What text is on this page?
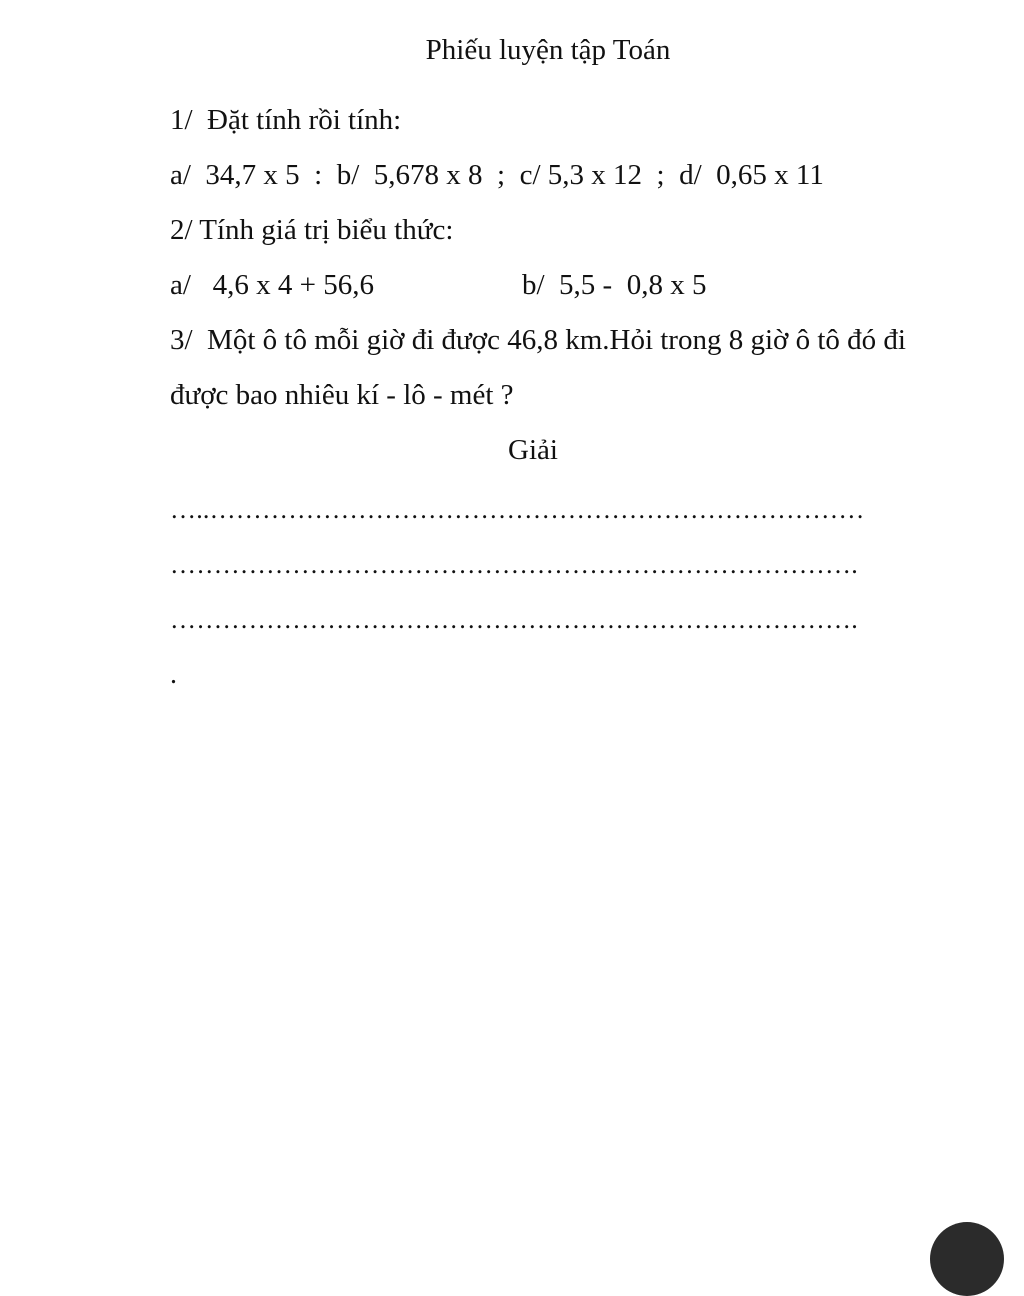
Phiếu luyện tập Toán
1/  Đặt tính rồi tính:
a/  34,7 x 5  :  b/  5,678 x 8  ;  c/ 5,3 x 12  ;  d/  0,65 x 11
2/ Tính giá trị biểu thức:
a/   4,6 x 4 + 56,6	b/  5,5 -  0,8 x 5
3/  Một ô tô mỗi giờ đi được 46,8 km.Hỏi trong 8 giờ ô tô đó đi
được bao nhiêu kí - lô - mét ?
Giải
…..…………………………………………………………………
…………………………………………………………………….
…………………………………………………………………….
.
